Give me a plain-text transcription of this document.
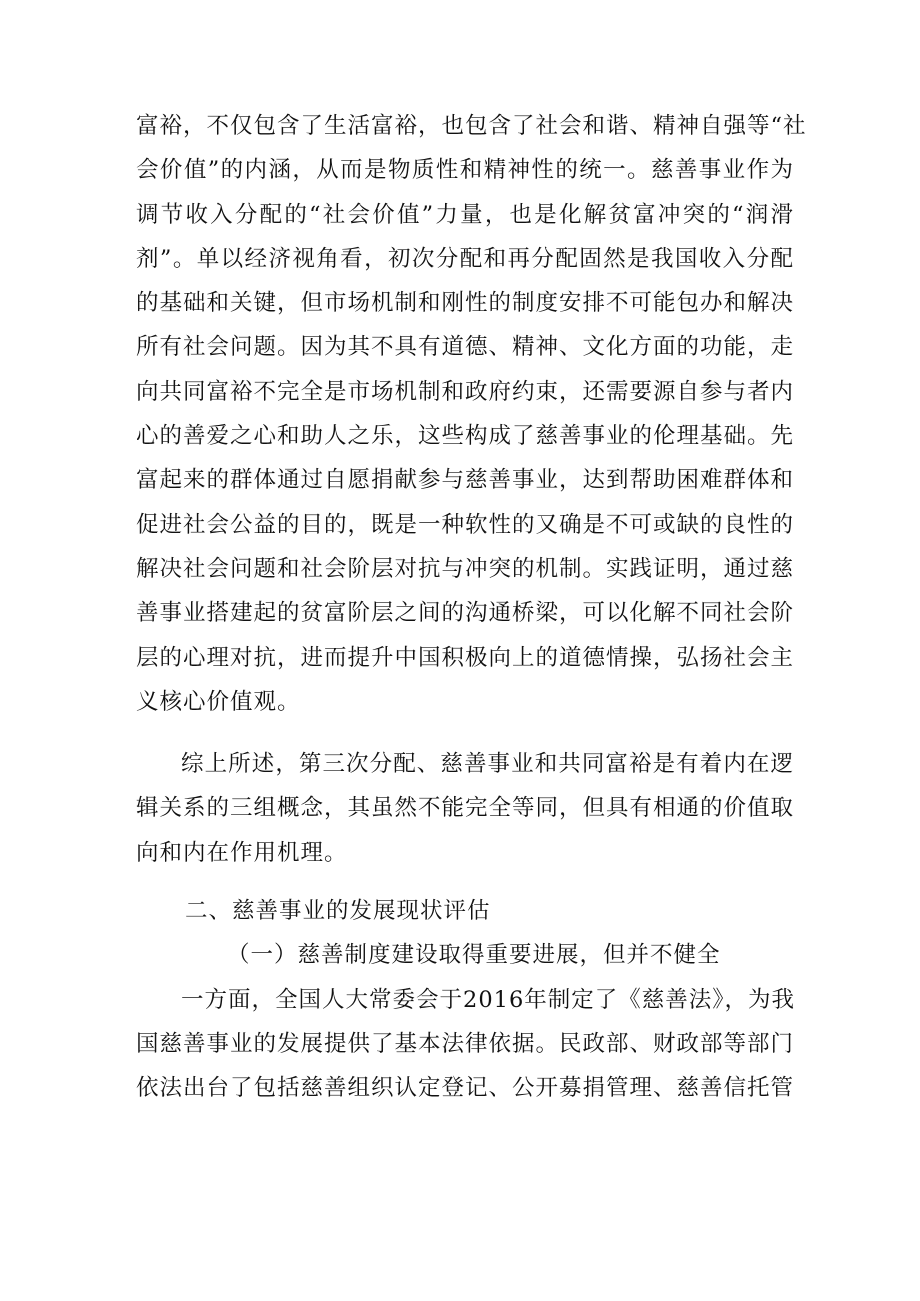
富裕，不仅包含了生活富裕，也包含了社会和谐、精神自强等“社
会价值”的内涵，从而是物质性和精神性的统一。慈善事业作为
调节收入分配的“社会价值”力量，也是化解贫富冲突的“润滑
剂”。单以经济视角看，初次分配和再分配固然是我国收入分配
的基础和关键，但市场机制和刚性的制度安排不可能包办和解决
所有社会问题。因为其不具有道德、精神、文化方面的功能，走
向共同富裕不完全是市场机制和政府约束，还需要源自参与者内
心的善爱之心和助人之乐，这些构成了慈善事业的伦理基础。先
富起来的群体通过自愿捐献参与慈善事业，达到帮助困难群体和
促进社会公益的目的，既是一种软性的又确是不可或缺的良性的
解决社会问题和社会阶层对抗与冲突的机制。实践证明，通过慈
善事业搭建起的贫富阶层之间的沟通桥梁，可以化解不同社会阶
层的心理对抗，进而提升中国积极向上的道德情操，弘扬社会主
义核心价值观。
综上所述，第三次分配、慈善事业和共同富裕是有着内在逻
辑关系的三组概念，其虽然不能完全等同，但具有相通的价值取
向和内在作用机理。
二、慈善事业的发展现状评估
（一）慈善制度建设取得重要进展，但并不健全
一方面，全国人大常委会于2016年制定了《慈善法》，为我
国慈善事业的发展提供了基本法律依据。民政部、财政部等部门
依法出台了包括慈善组织认定登记、公开募捐管理、慈善信托管
